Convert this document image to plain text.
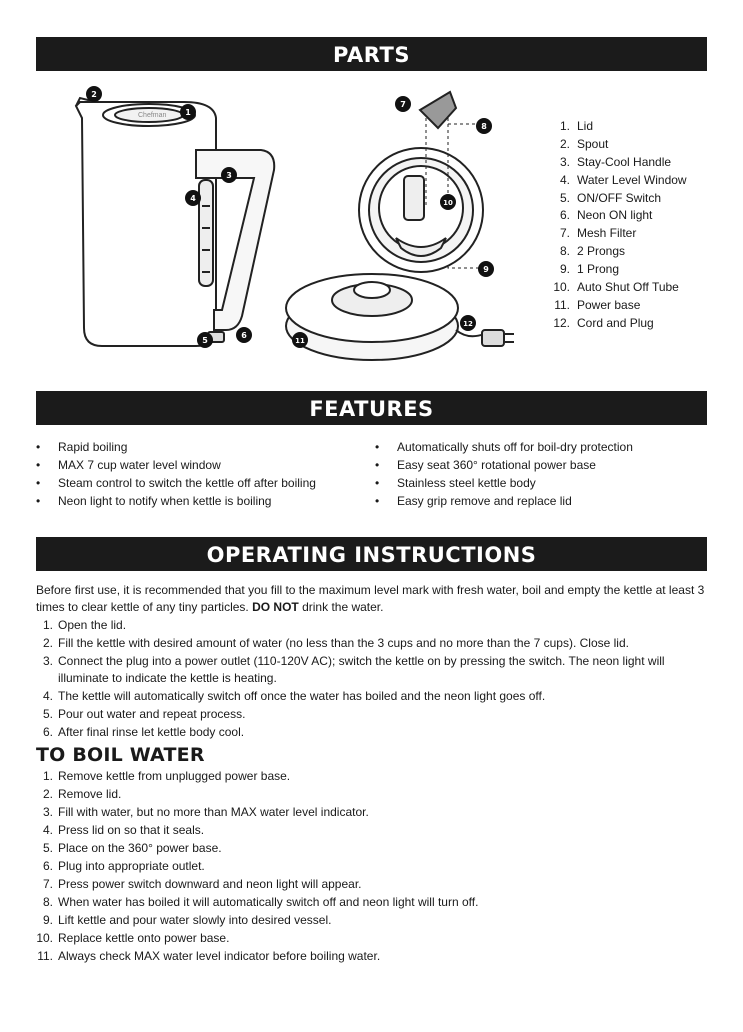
PARTS
Chefman 1
2
3
4
5
6
7
8
9
10
11
12
1. Lid
2. Spout
3. Stay-Cool Handle
4. Water Level Window
5. ON/OFF Switch
6. Neon ON light
7. Mesh Filter
8. 2 Prongs
9. 1 Prong
10. Auto Shut Off Tube
11. Power base
12. Cord and Plug
FEATURES
• Rapid boiling
• MAX 7 cup water level window
• Steam control to switch the kettle off after boiling
• Neon light to notify when kettle is boiling
• Automatically shuts off for boil-dry protection
• Easy seat 360° rotational power base
• Stainless steel kettle body
• Easy grip remove and replace lid
OPERATING INSTRUCTIONS

Before first use, it is recommended that you fill to the maximum level mark with fresh water, boil and empty the kettle at least 3 times to clear kettle of any tiny particles. DO NOT drink the water.

1. Open the lid.
2. Fill the kettle with desired amount of water (no less than the 3 cups and no more than the 7 cups). Close lid.
3. Connect the plug into a power outlet (110-120V AC); switch the kettle on by pressing the switch. The neon light will illuminate to indicate the kettle is heating.
4. The kettle will automatically switch off once the water has boiled and the neon light goes off.
5. Pour out water and repeat process.
6. After final rinse let kettle body cool.
TO BOIL WATER
1. Remove kettle from unplugged power base.
2. Remove lid.
3. Fill with water, but no more than MAX water level indicator.
4. Press lid on so that it seals.
5. Place on the 360° power base.
6. Plug into appropriate outlet.
7. Press power switch downward and neon light will appear.
8. When water has boiled it will automatically switch off and neon light will turn off.
9. Lift kettle and pour water slowly into desired vessel.
10. Replace kettle onto power base.
11. Always check MAX water level indicator before boiling water.
